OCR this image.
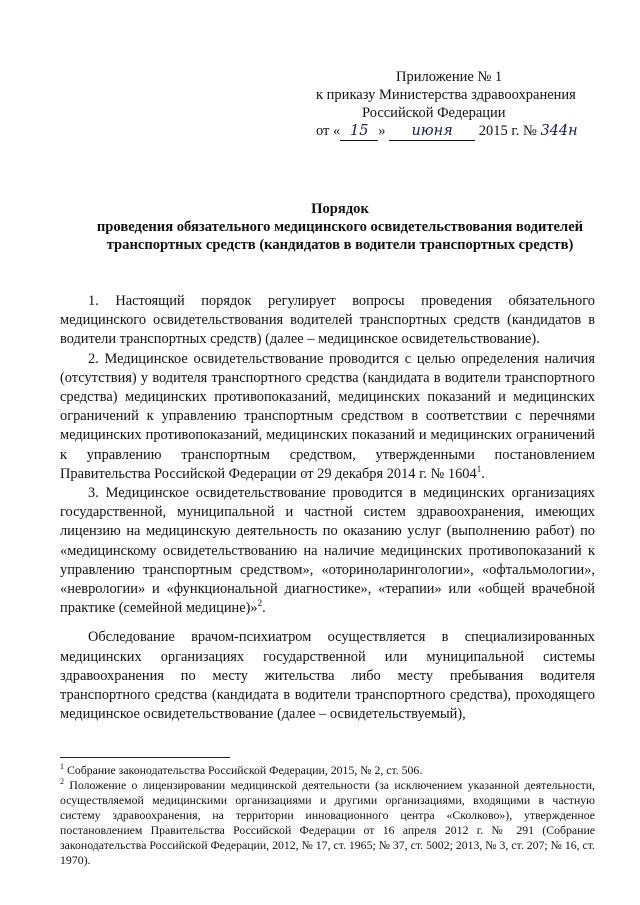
Приложение № 1
к приказу Министерства здравоохранения
Российской Федерации
от « 15 » июня 2015 г. № 344н
Порядок
проведения обязательного медицинского освидетельствования водителей
транспортных средств (кандидатов в водители транспортных средств)

1. Настоящий порядок регулирует вопросы проведения обязательного медицинского освидетельствования водителей транспортных средств (кандидатов в водители транспортных средств) (далее – медицинское освидетельствование).

2. Медицинское освидетельствование проводится с целью определения наличия (отсутствия) у водителя транспортного средства (кандидата в водители транспортного средства) медицинских противопоказаний, медицинских показаний и медицинских ограничений к управлению транспортным средством в соответствии с перечнями медицинских противопоказаний, медицинских показаний и медицинских ограничений к управлению транспортным средством, утвержденными постановлением Правительства Российской Федерации от 29 декабря 2014 г. № 1604$^1$.

3. Медицинское освидетельствование проводится в медицинских организациях государственной, муниципальной и частной систем здравоохранения, имеющих лицензию на медицинскую деятельность по оказанию услуг (выполнению работ) по «медицинскому освидетельствованию на наличие медицинских противопоказаний к управлению транспортным средством», «оториноларингологии», «офтальмологии», «неврологии» и «функциональной диагностике», «терапии» или «общей врачебной практике (семейной медицине)»$^2$.

Обследование врачом-психиатром осуществляется в специализированных медицинских организациях государственной или муниципальной системы здравоохранения по месту жительства либо месту пребывания водителя транспортного средства (кандидата в водители транспортного средства), проходящего медицинское освидетельствование (далее – освидетельствуемый),

$^1$ Собрание законодательства Российской Федерации, 2015, № 2, ст. 506.

$^2$ Положение о лицензировании медицинской деятельности (за исключением указанной деятельности, осуществляемой медицинскими организациями и другими организациями, входящими в частную систему здравоохранения, на территории инновационного центра «Сколково»), утвержденное постановлением Правительства Российской Федерации от 16 апреля 2012 г. № 291 (Собрание законодательства Российской Федерации, 2012, № 17, ст. 1965; № 37, ст. 5002; 2013, № 3, ст. 207; № 16, ст. 1970).
